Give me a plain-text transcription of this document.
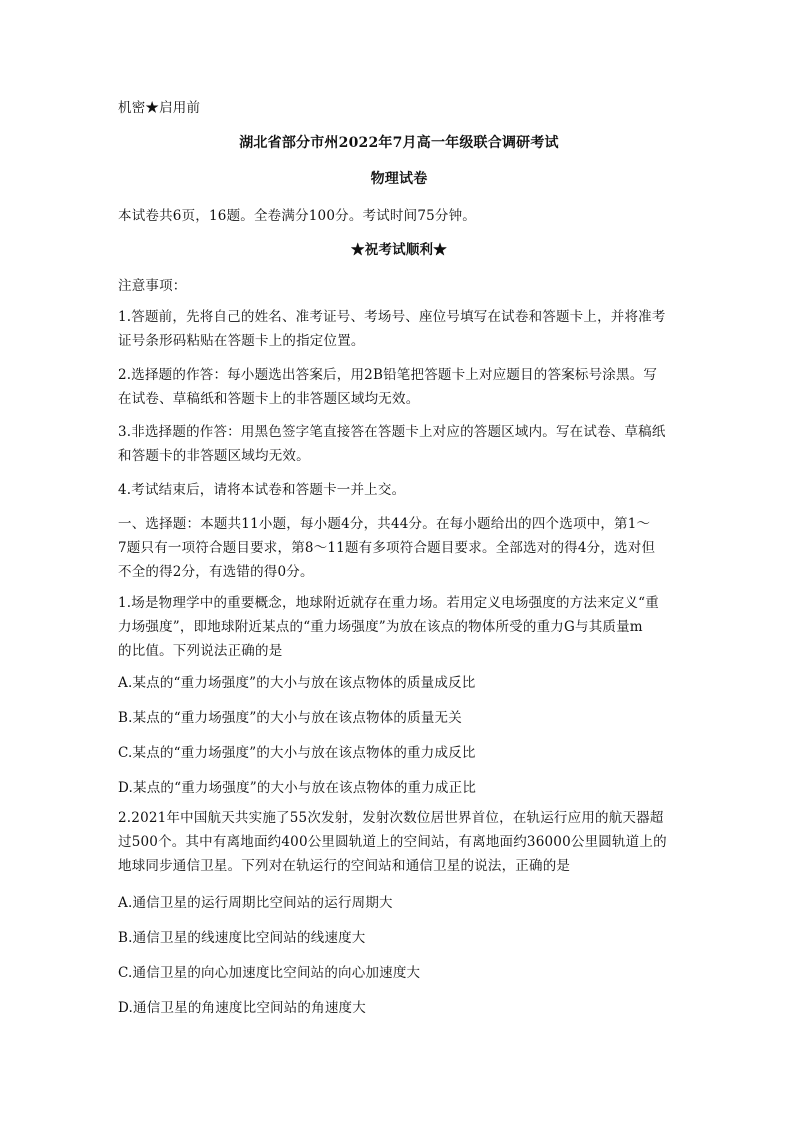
机密★启用前
湖北省部分市州2022年7月高一年级联合调研考试
物理试卷
本试卷共6页，16题。全卷满分100分。考试时间75分钟。
★祝考试顺利★
注意事项：
1.答题前，先将自己的姓名、准考证号、考场号、座位号填写在试卷和答题卡上，并将准考
证号条形码粘贴在答题卡上的指定位置。
2.选择题的作答：每小题选出答案后，用2B铅笔把答题卡上对应题目的答案标号涂黑。写
在试卷、草稿纸和答题卡上的非答题区域均无效。
3.非选择题的作答：用黑色签字笔直接答在答题卡上对应的答题区域内。写在试卷、草稿纸
和答题卡的非答题区域均无效。
4.考试结束后，请将本试卷和答题卡一并上交。
一、选择题：本题共11小题，每小题4分，共44分。在每小题给出的四个选项中，第1～
7题只有一项符合题目要求，第8～11题有多项符合题目要求。全部选对的得4分，选对但
不全的得2分，有选错的得0分。
1.场是物理学中的重要概念，地球附近就存在重力场。若用定义电场强度的方法来定义“重
力场强度”，即地球附近某点的“重力场强度”为放在该点的物体所受的重力G与其质量m
的比值。下列说法正确的是
A.某点的“重力场强度”的大小与放在该点物体的质量成反比
B.某点的“重力场强度”的大小与放在该点物体的质量无关
C.某点的“重力场强度”的大小与放在该点物体的重力成反比
D.某点的“重力场强度”的大小与放在该点物体的重力成正比
2.2021年中国航天共实施了55次发射，发射次数位居世界首位，在轨运行应用的航天器超
过500个。其中有离地面约400公里圆轨道上的空间站，有离地面约36000公里圆轨道上的
地球同步通信卫星。下列对在轨运行的空间站和通信卫星的说法，正确的是
A.通信卫星的运行周期比空间站的运行周期大
B.通信卫星的线速度比空间站的线速度大
C.通信卫星的向心加速度比空间站的向心加速度大
D.通信卫星的角速度比空间站的角速度大
